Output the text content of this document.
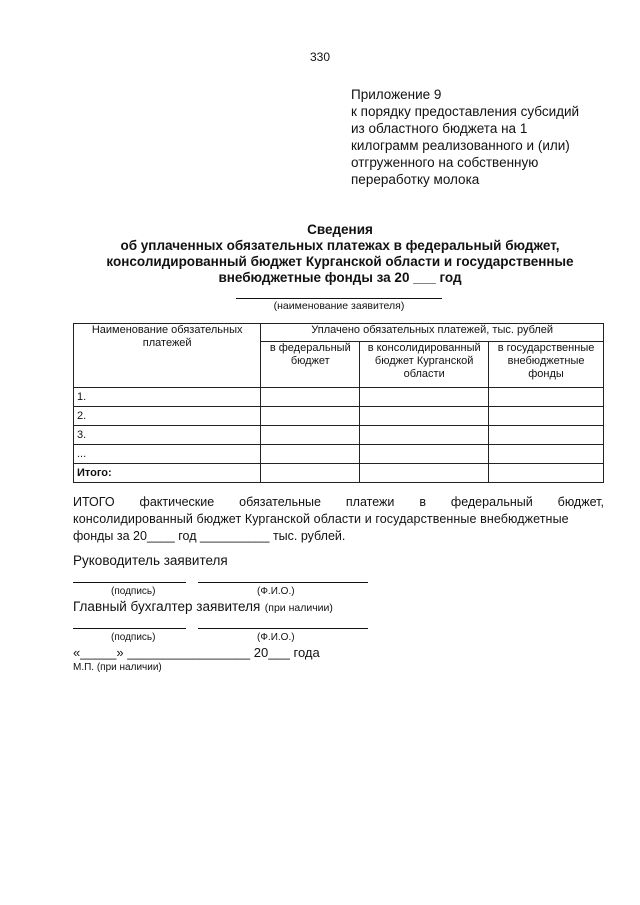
330
Приложение 9
к порядку предоставления субсидий
из областного бюджета на 1
килограмм реализованного и (или)
отгруженного на собственную
переработку молока
Сведения
об уплаченных обязательных платежах в федеральный бюджет,
консолидированный бюджет Курганской области и государственные
внебюджетные фонды за 20 ___ год
(наименование заявителя)
Наименование обязательных платежей	Уплачено обязательных платежей, тыс. рублей		
	в федеральный бюджет	в консолидированный бюджет Курганской области	в государственные внебюджетные фонды
1.			
2.			
3.			
...			
Итого:			
ИТОГО фактические обязательные платежи в федеральный бюджет,
консолидированный бюджет Курганской области и государственные внебюджетные
фонды за 20____ год __________ тыс. рублей.
Руководитель заявителя
(подпись)	(Ф.И.О.)
Главный бухгалтер заявителя (при наличии)
(подпись)	(Ф.И.О.)
«_____» _________________ 20___ года
М.П. (при наличии)
